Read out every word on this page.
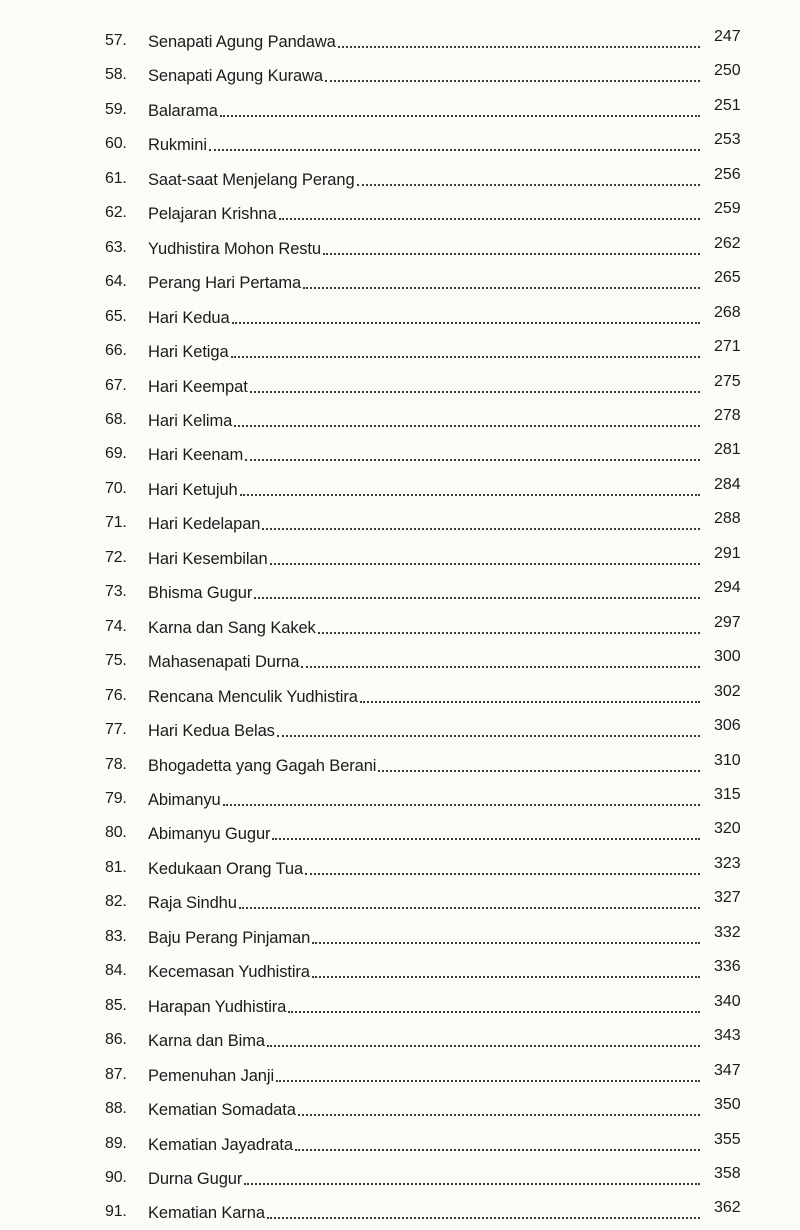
57.	Senapati Agung Pandawa	247
58.	Senapati Agung Kurawa	250
59.	Balarama	251
60.	Rukmini	253
61.	Saat-saat Menjelang Perang	256
62.	Pelajaran Krishna	259
63.	Yudhistira Mohon Restu	262
64.	Perang Hari Pertama	265
65.	Hari Kedua	268
66.	Hari Ketiga	271
67.	Hari Keempat	275
68.	Hari Kelima	278
69.	Hari Keenam	281
70.	Hari Ketujuh	284
71.	Hari Kedelapan	288
72.	Hari Kesembilan	291
73.	Bhisma Gugur	294
74.	Karna dan Sang Kakek	297
75.	Mahasenapati Durna	300
76.	Rencana Menculik Yudhistira	302
77.	Hari Kedua Belas	306
78.	Bhogadetta yang Gagah Berani	310
79.	Abimanyu	315
80.	Abimanyu Gugur	320
81.	Kedukaan Orang Tua	323
82.	Raja Sindhu	327
83.	Baju Perang Pinjaman	332
84.	Kecemasan Yudhistira	336
85.	Harapan Yudhistira	340
86.	Karna dan Bima	343
87.	Pemenuhan Janji	347
88.	Kematian Somadata	350
89.	Kematian Jayadrata	355
90.	Durna Gugur	358
91.	Kematian Karna	362
